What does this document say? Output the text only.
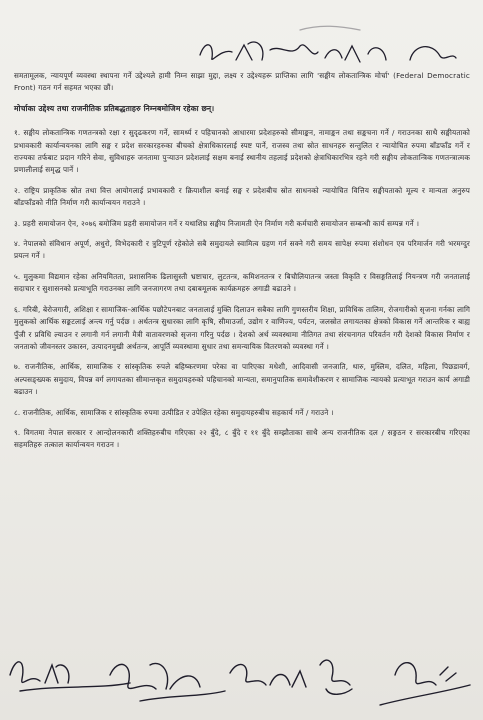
समतामूलक, न्यायपूर्ण व्यवस्था स्थापना गर्ने उद्देश्यले हामी निम्न साझा मुद्दा, लक्ष्य र उद्देश्यहरू प्राप्तिका लागि 'सङ्घीय लोकतान्त्रिक मोर्चा' (Federal Democratic Front) गठन गर्न सहमत भएका छौं।

मोर्चाका उद्देश्य तथा राजनीतिक प्रतिबद्धताहरु निम्नबमोजिम रहेका छन्।

१. सङ्घीय लोकतान्त्रिक गणतन्त्रको रक्षा र सुदृढकरण गर्ने, सामर्थ्य र पहिचानको आधारमा प्रदेशहरुको सीमाङ्कन, नामाङ्कन तथा सङ्कचना गर्ने / गराउनका साथै सङ्घीयताको प्रभावकारी कार्यान्वयनका लागि सङ्घ र प्रदेश सरकारहरुका बीचको क्षेत्राधिकारलाई स्पष्ट पार्ने, राजस्व तथा स्रोत साधनहरु सन्तुलित र न्यायोचित रुपमा बाँडफाँड गर्ने र राज्यका तर्फबाट प्रदान गरिने सेवा, सुविधाहरु जनतामा पुऱ्याउन प्रदेशलाई सक्षम बनाई स्थानीय तहलाई प्रदेशको क्षेत्राधिकारभित्र रहने गरी सङ्घीय लोकतान्त्रिक गणतन्त्रात्मक प्रणालीलाई समृद्ध पार्ने ।

२. राष्ट्रिय प्राकृतिक स्रोत तथा वित्त आयोगलाई प्रभावकारी र क्रियाशील बनाई सङ्घ र प्रदेशबीच स्रोत साधनको न्यायोचित वित्तिय सङ्घीयताको मूल्य र मान्यता अनुरुप बाँडफाँडको नीति निर्माण गरी कार्यान्वयन गराउने ।

३. प्रहरी समायोजन ऐन, २०७६ बमोजिम प्रहरी समायोजन गर्ने र यथाशिघ्र सङ्घीय निजामती ऐन निर्माण गरी कर्मचारी समायोजन सम्बन्धी कार्य सम्पन्न गर्ने ।

४. नेपालको संविधान अपूर्ण, अधुरो, विभेदकारी र त्रुटिपूर्ण रहेकोले सबै समुदायले स्वामित्व ग्रहण गर्न सक्ने गरी समय सापेक्ष रुपमा संशोधन एव परिमार्जन गरी भरमग्दुर प्रयत्न गर्ने ।

५. मुलुकमा विद्यमान रहेका अनियमितता, प्रशासनिक ढिलासुस्ती भ्रष्टाचार, लुटतन्त्र, कमिशनतन्त्र र बिचौलियातन्त्र जस्ता विकृति र विसङ्गतिलाई नियन्त्रण गरी जनतालाई सदाचार र सुशासनको प्रत्याभूति गराउनका लागि जनजागरण तथा दबाबमूलक कार्यक्रमहरु अगाडी बढाउने ।

६. गरिबी, बेरोजगारी, अशिक्षा र सामाजिक-आर्थिक पछौटेपनबाट जनतालाई मुक्ति दिलाउन सबैका लागि गुणस्तरीय शिक्षा, प्राविधिक तालिम, रोजगारीको सृजना गर्नका लागि मुलुकको आर्थिक सङ्कटलाई अन्त्य गर्नु पर्दछ । अर्थतन्त्र सुधारका लागि कृषि, सीमाउर्जा, उद्योग र वाणिज्य, पर्यटन, जलस्रोत लगायतका क्षेत्रको विकास गर्ने आन्तरिक र बाह्य पुँजी र प्रविधि ल्याउन र लगानी गर्न लगानी मैत्री वातावरणको सृजना गरिनु पर्दछ । देशको अर्थ व्यवस्थामा नीतिगत तथा संरचनागत परिवर्तन गरी देशको विकास निर्माण र जनताको जीवनस्तर उकास्न, उत्पादनमुखी अर्थतन्त्र, आपूर्ति व्यवस्थामा सुधार तथा समन्यायिक वितरणको व्यवस्था गर्ने ।

७. राजनीतिक, आर्थिक, सामाजिक र सांस्कृतिक रुपले बहिष्करणमा परेका वा पारिएका मधेशी, आदिवासी जनजाति, थारु, मुस्लिम, दलित, महिला, पिछडावर्ग, अल्पसङ्ख्यक समुदाय, विपन्न वर्ग लगायतका सीमान्तकृत समुदायहरुको पहिचानको मान्यता, समानुपातिक समावेशीकरण र सामाजिक न्यायको प्रत्याभूत गराउन कार्य अगाडी बढाउन ।

८. राजनीतिक, आर्थिक, सामाजिक र सांस्कृतिक रुपमा उत्पीडित र उपेक्षित रहेका समुदायहरुबीच सहकार्य गर्ने / गराउने ।

९. विगतमा नेपाल सरकार र आन्दोलनकारी शक्तिहरुबीच गरिएका २२ बुँदे, ८ बुँदे र ११ बुँदे सम्झौताका साथै अन्य राजनीतिक दल / सङ्गठन र सरकारबीच गरिएका सहमतिहरु तत्काल कार्यान्वयन गराउन ।
